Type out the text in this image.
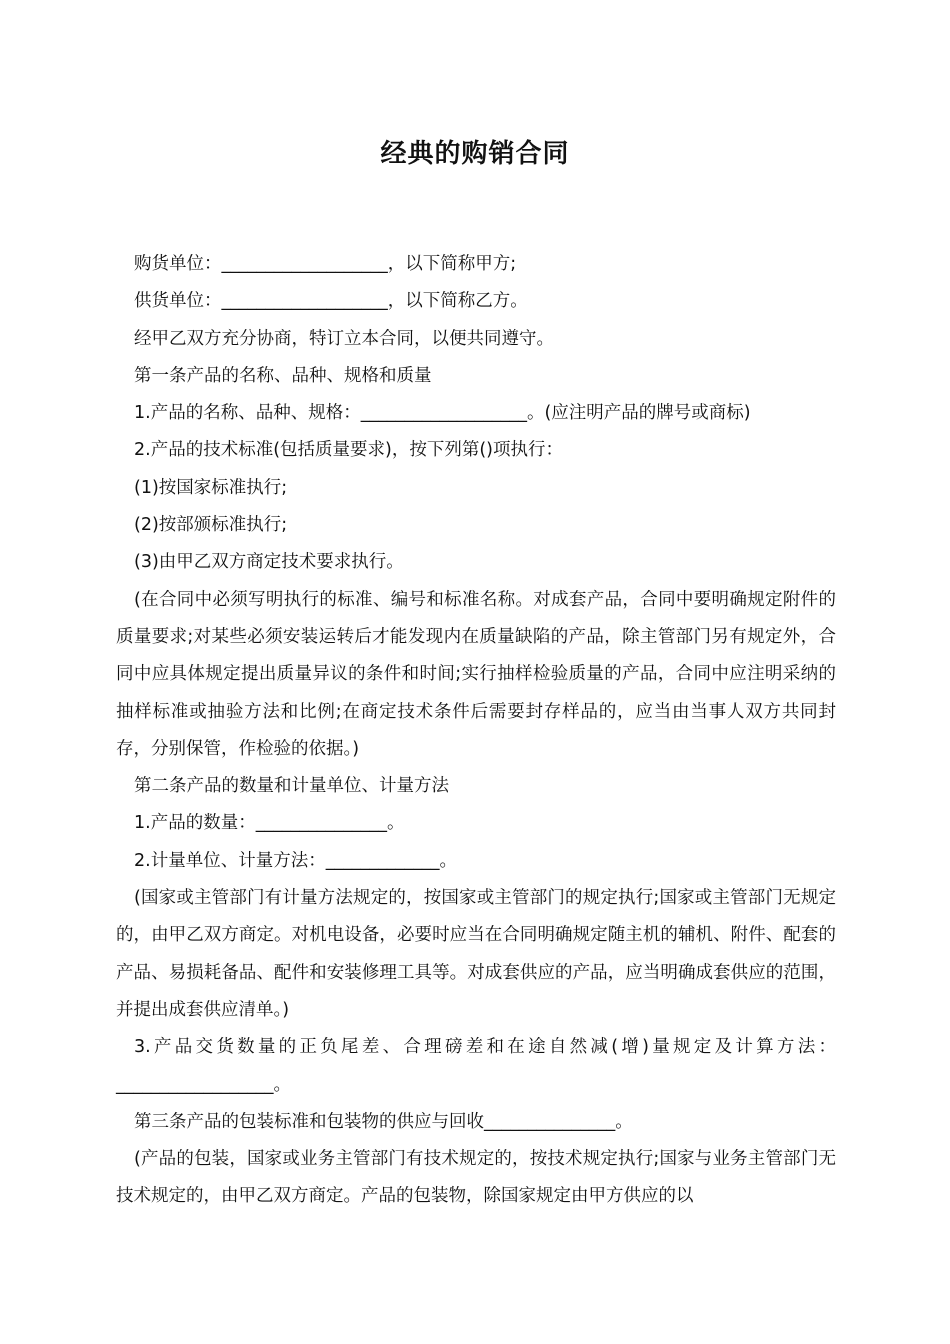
经典的购销合同

购货单位：___________________，以下简称甲方;

供货单位：___________________，以下简称乙方。

经甲乙双方充分协商，特订立本合同，以便共同遵守。

第一条产品的名称、品种、规格和质量

1.产品的名称、品种、规格：___________________。(应注明产品的牌号或商标)

2.产品的技术标准(包括质量要求)，按下列第()项执行：

(1)按国家标准执行;

(2)按部颁标准执行;

(3)由甲乙双方商定技术要求执行。

(在合同中必须写明执行的标准、编号和标准名称。对成套产品，合同中要明确规定附件的质量要求;对某些必须安装运转后才能发现内在质量缺陷的产品，除主管部门另有规定外，合同中应具体规定提出质量异议的条件和时间;实行抽样检验质量的产品，合同中应注明采纳的抽样标准或抽验方法和比例;在商定技术条件后需要封存样品的，应当由当事人双方共同封存，分别保管，作检验的依据。)

第二条产品的数量和计量单位、计量方法

1.产品的数量：_______________。

2.计量单位、计量方法：_____________。

(国家或主管部门有计量方法规定的，按国家或主管部门的规定执行;国家或主管部门无规定的，由甲乙双方商定。对机电设备，必要时应当在合同明确规定随主机的辅机、附件、配套的产品、易损耗备品、配件和安装修理工具等。对成套供应的产品，应当明确成套供应的范围，并提出成套供应清单。)

3.产品交货数量的正负尾差、合理磅差和在途自然减(增)量规定及计算方法：__________________。

第三条产品的包装标准和包装物的供应与回收_______________。

(产品的包装，国家或业务主管部门有技术规定的，按技术规定执行;国家与业务主管部门无技术规定的，由甲乙双方商定。产品的包装物，除国家规定由甲方供应的以
